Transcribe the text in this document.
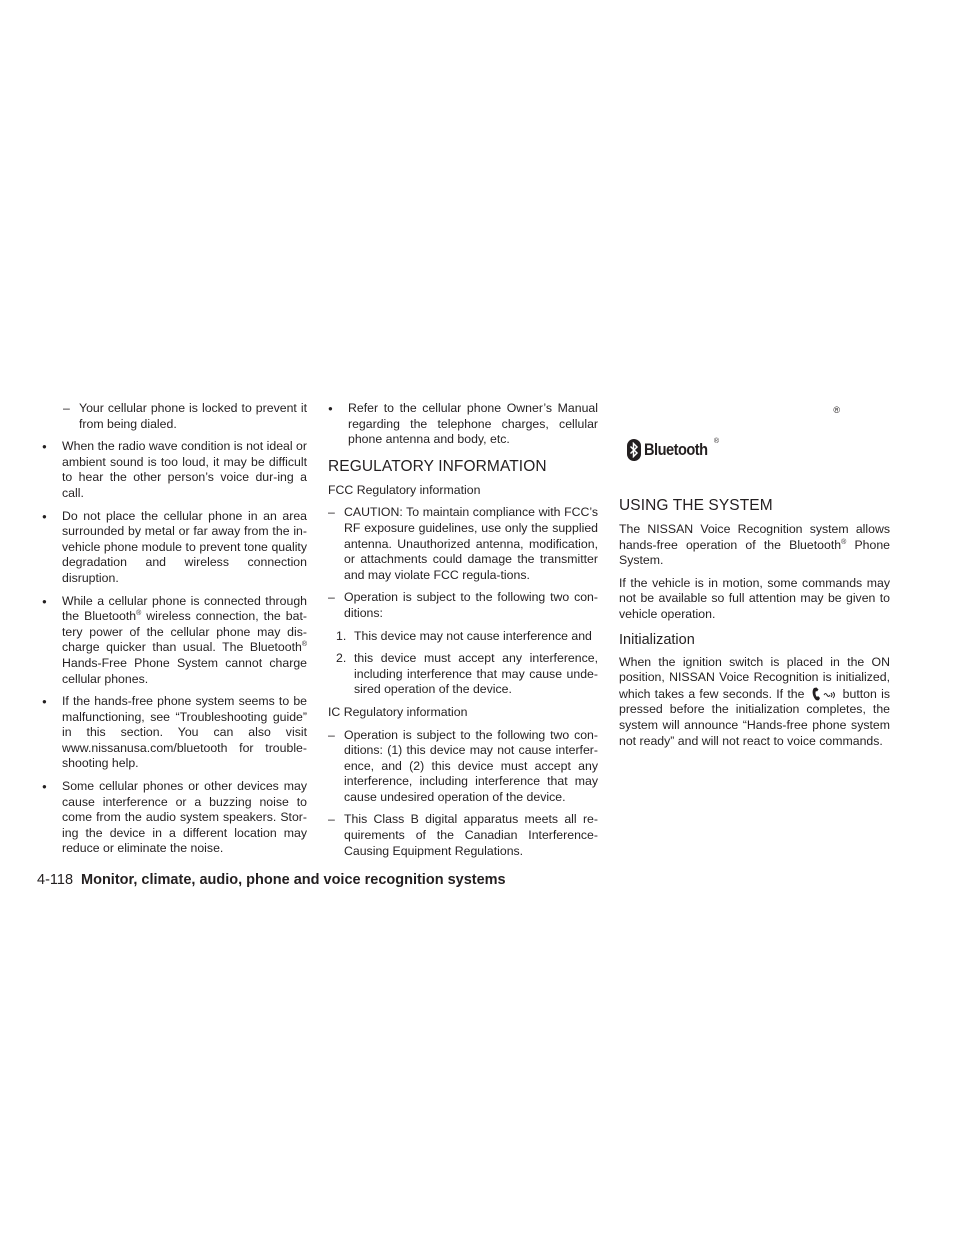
– Your cellular phone is locked to prevent it from being dialed.
● When the radio wave condition is not ideal or ambient sound is too loud, it may be difficult to hear the other person’s voice dur-ing a call.
● Do not place the cellular phone in an area surrounded by metal or far away from the in-vehicle phone module to prevent tone quality degradation and wireless connection disruption.
● While a cellular phone is connected through the Bluetooth® wireless connection, the bat-tery power of the cellular phone may dis-charge quicker than usual. The Bluetooth® Hands-Free Phone System cannot charge cellular phones.
● If the hands-free phone system seems to be malfunctioning, see “Troubleshooting guide” in this section. You can also visit www.nissanusa.com/bluetooth for trouble-shooting help.
● Some cellular phones or other devices may cause interference or a buzzing noise to come from the audio system speakers. Stor-ing the device in a different location may reduce or eliminate the noise.
● Refer to the cellular phone Owner’s Manual regarding the telephone charges, cellular phone antenna and body, etc.
REGULATORY INFORMATION
FCC Regulatory information
– CAUTION: To maintain compliance with FCC’s RF exposure guidelines, use only the supplied antenna. Unauthorized antenna, modification, or attachments could damage the transmitter and may violate FCC regula-tions.
– Operation is subject to the following two con-ditions:
1. This device may not cause interference and
2. this device must accept any interference, including interference that may cause unde-sired operation of the device.
IC Regulatory information
– Operation is subject to the following two con-ditions: (1) this device may not cause interfer-ence, and (2) this device must accept any interference, including interference that may cause undesired operation of the device.
– This Class B digital apparatus meets all re-quirements of the Canadian Interference-Causing Equipment Regulations.
®
Bluetooth ®
USING THE SYSTEM
The NISSAN Voice Recognition system allows hands-free operation of the Bluetooth® Phone System.
If the vehicle is in motion, some commands may not be available so full attention may be given to vehicle operation.
Initialization
When the ignition switch is placed in the ON position, NISSAN Voice Recognition is initialized, which takes a few seconds. If the	button is pressed before the initialization completes, the system will announce “Hands-free phone system not ready” and will not react to voice commands.
4-118 Monitor, climate, audio, phone and voice recognition systems
